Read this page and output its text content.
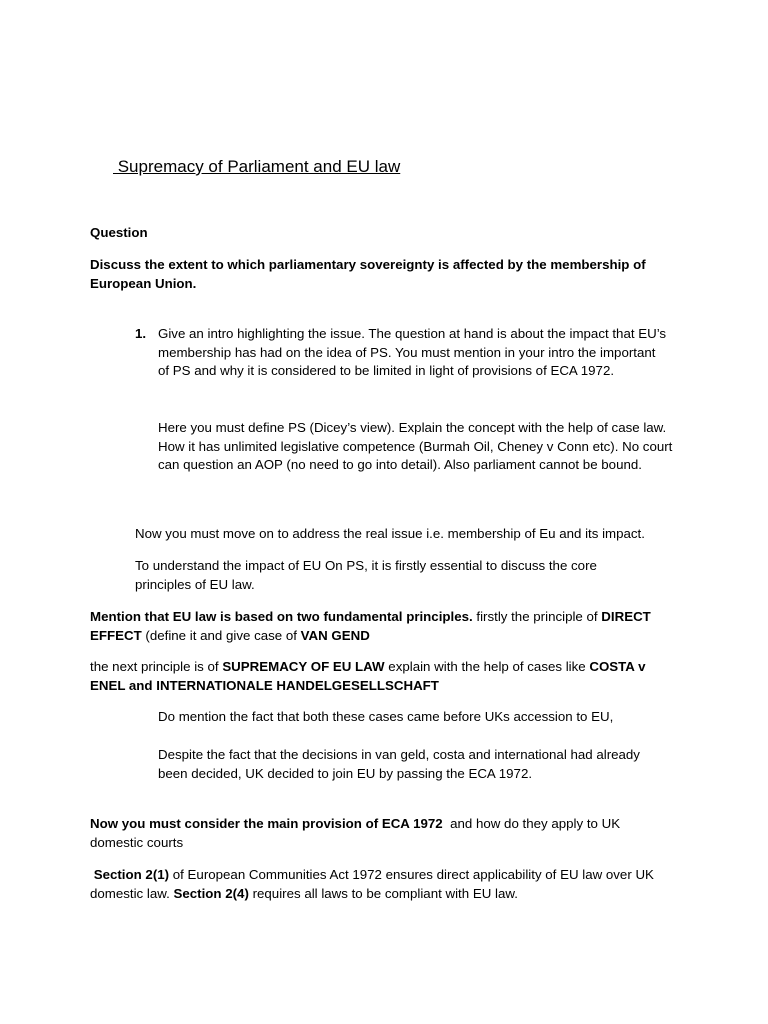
Supremacy of Parliament and EU law

Question

Discuss the extent to which parliamentary sovereignty is affected by the membership of European Union.

1. Give an intro highlighting the issue. The question at hand is about the impact that EU’s membership has had on the idea of PS. You must mention in your intro the important of PS and why it is considered to be limited in light of provisions of ECA 1972.

Here you must define PS (Dicey’s view). Explain the concept with the help of case law. How it has unlimited legislative competence (Burmah Oil, Cheney v Conn etc). No court can question an AOP (no need to go into detail). Also parliament cannot be bound.

Now you must move on to address the real issue i.e. membership of Eu and its impact.

To understand the impact of EU On PS, it is firstly essential to discuss the core principles of EU law.

Mention that EU law is based on two fundamental principles. firstly the principle of DIRECT EFFECT (define it and give case of VAN GEND

the next principle is of SUPREMACY OF EU LAW explain with the help of cases like COSTA v ENEL and INTERNATIONALE HANDELGESELLSCHAFT

Do mention the fact that both these cases came before UKs accession to EU,

Despite the fact that the decisions in van geld, costa and international had already been decided, UK decided to join EU by passing the ECA 1972.

Now you must consider the main provision of ECA 1972  and how do they apply to UK domestic courts

Section 2(1) of European Communities Act 1972 ensures direct applicability of EU law over UK domestic law. Section 2(4) requires all laws to be compliant with EU law.
